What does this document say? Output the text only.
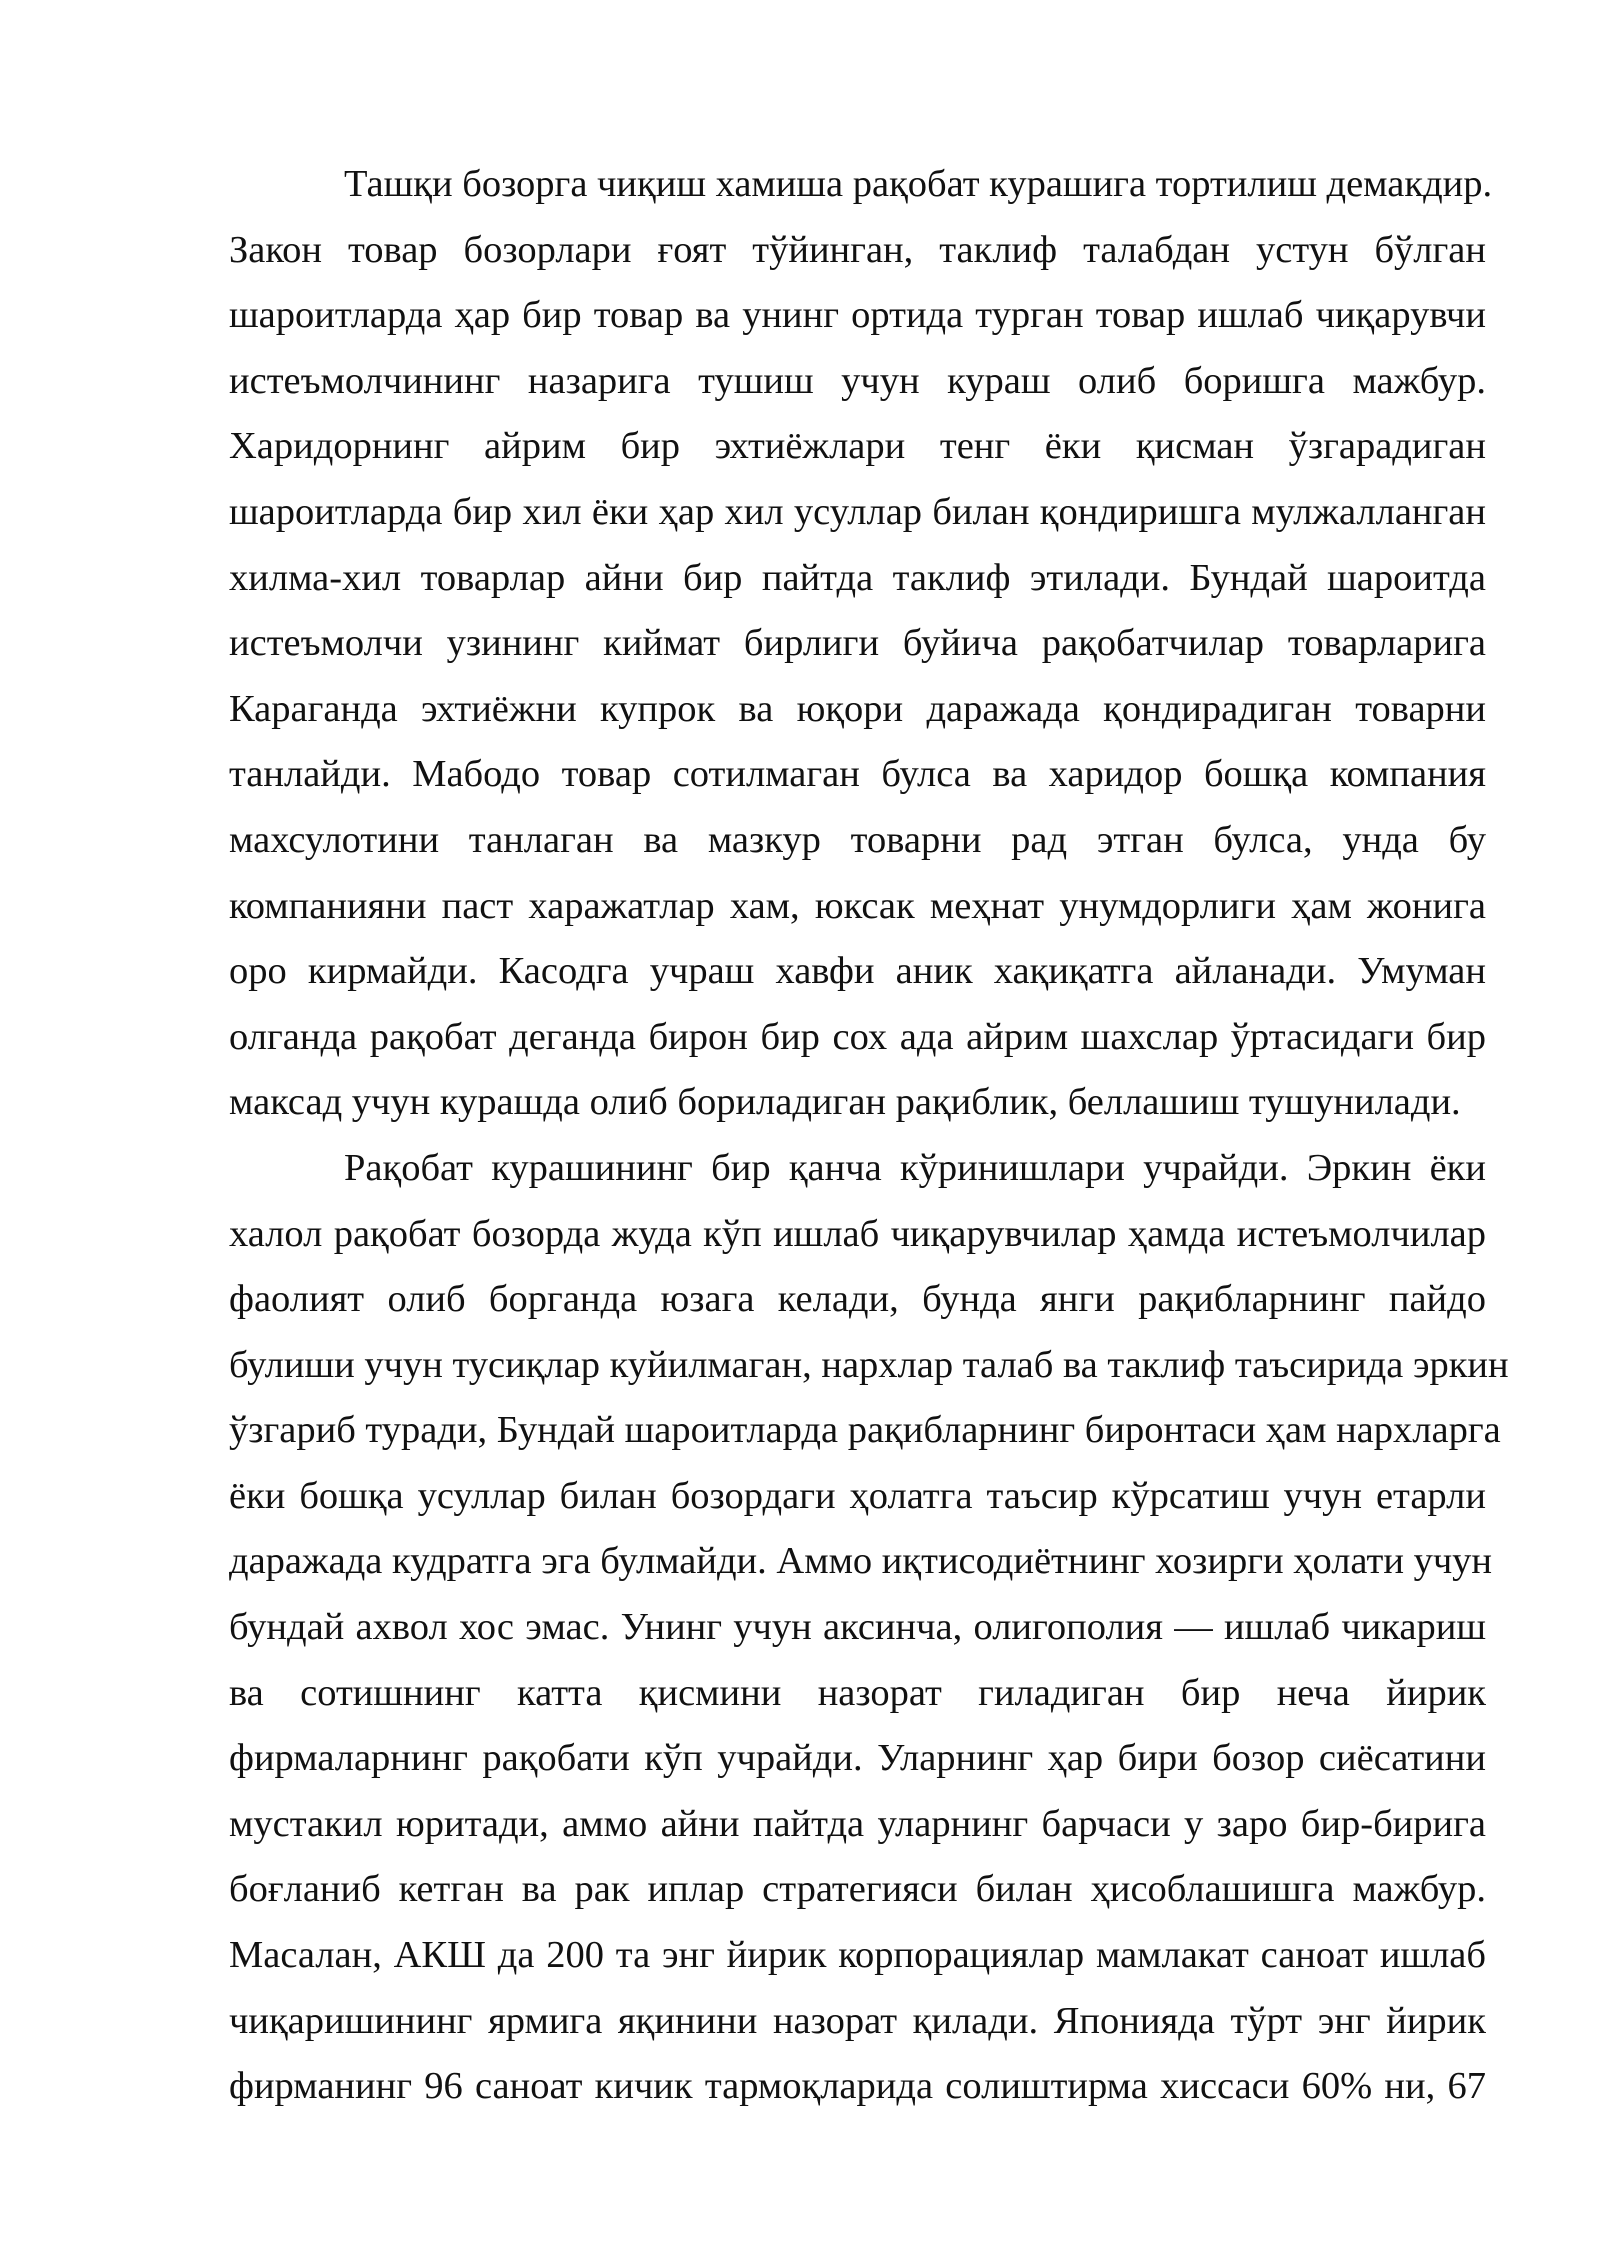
Ташқи бозорга чиқиш хамиша рақобат курашига тортилиш демакдир.
Закон товар бозорлари ғоят тўйинган, таклиф талабдан устун бўлган
шароитларда ҳар бир товар ва унинг ортида турган товар ишлаб чиқарувчи
истеъмолчининг назарига тушиш учун кураш олиб боришга мажбур.
Харидорнинг айрим бир эхтиёжлари тенг ёки қисман ўзгарадиган
шароитларда бир хил ёки ҳар хил усуллар билан қондиришга мулжалланган
хилма-хил товарлар айни бир пайтда таклиф этилади. Бундай шароитда
истеъмолчи узининг киймат бирлиги буйича рақобатчилар товарларига
Караганда эхтиёжни купрок ва юқори даражада қондирадиган товарни
танлайди. Мабодо товар сотилмаган булса ва харидор бошқа компания
махсулотини танлаган ва мазкур товарни рад этган булса, унда бу
компанияни паст харажатлар хам, юксак меҳнат унумдорлиги ҳам жонига
оро кирмайди. Касодга учраш хавфи аник хақиқатга айланади. Умуман
олганда рақобат деганда бирон бир сох ада айрим шахслар ўртасидаги бир
максад учун курашда олиб бориладиган рақиблик, беллашиш тушунилади.
Рақобат курашининг бир қанча кўринишлари учрайди. Эркин ёки
халол рақобат бозорда жуда кўп ишлаб чиқарувчилар ҳамда истеъмолчилар
фаолият олиб борганда юзага келади, бунда янги рақибларнинг пайдо
булиши учун тусиқлар куйилмаган, нархлар талаб ва таклиф таъсирида эркин
ўзгариб туради, Бундай шароитларда рақибларнинг биронтаси ҳам нархларга
ёки бошқа усуллар билан бозордаги ҳолатга таъсир кўрсатиш учун етарли
даражада кудратга эга булмайди. Аммо иқтисодиётнинг хозирги ҳолати учун
бундай ахвол хос эмас. Унинг учун аксинча, олигополия — ишлаб чикариш
ва сотишнинг катта қисмини назорат гиладиган бир неча йирик
фирмаларнинг рақобати кўп учрайди. Уларнинг ҳар бири бозор сиёсатини
мустакил юритади, аммо айни пайтда уларнинг барчаси у заро бир-бирига
боғланиб кетган ва рак иплар стратегияси билан ҳисоблашишга мажбур.
Масалан, АКШ да 200 та энг йирик корпорациялар мамлакат саноат ишлаб
чиқаришининг ярмига яқинини назорат қилади. Японияда тўрт энг йирик
фирманинг 96 саноат кичик тармоқларида солиштирма хиссаси 60% ни, 67
